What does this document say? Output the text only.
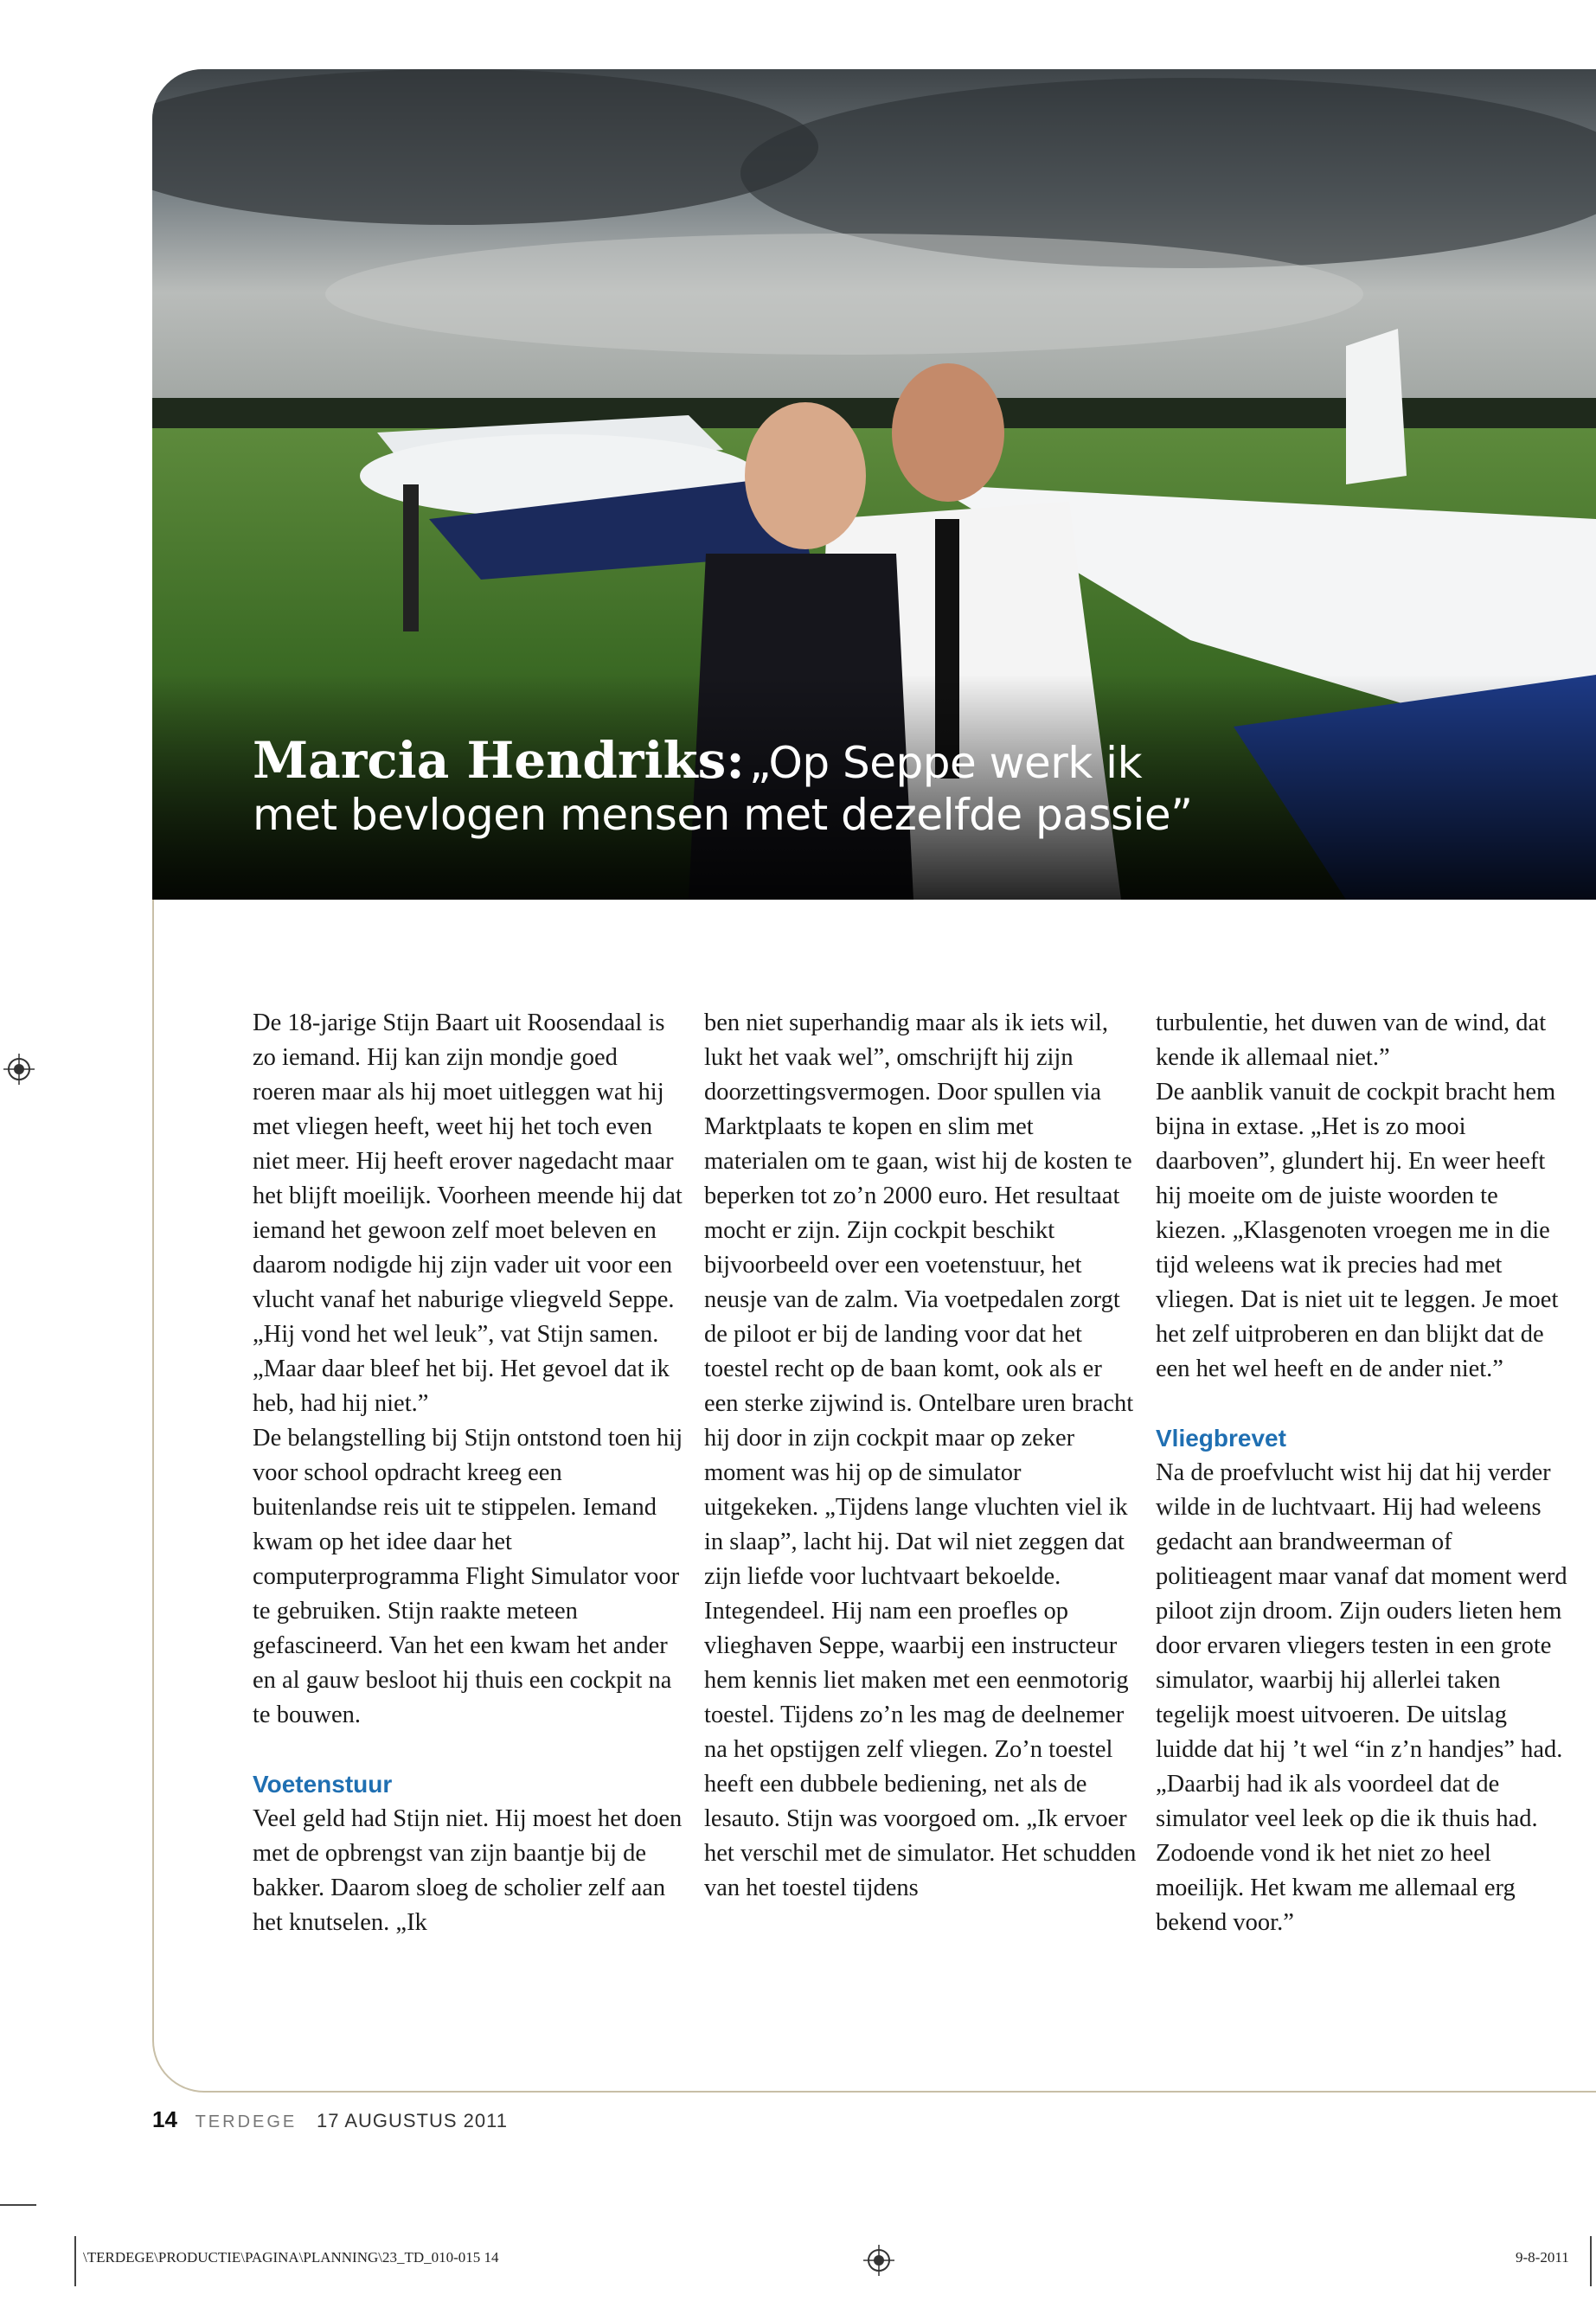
Marcia Hendriks: „Op Seppe werk ik
met bevlogen mensen met dezelfde passie”

De 18-jarige Stijn Baart uit Roosendaal is zo iemand. Hij kan zijn mondje goed roeren maar als hij moet uitleggen wat hij met vliegen heeft, weet hij het toch even niet meer. Hij heeft erover nagedacht maar het blijft moeilijk. Voorheen meende hij dat iemand het gewoon zelf moet beleven en daarom nodigde hij zijn vader uit voor een vlucht vanaf het naburige vliegveld Seppe. „Hij vond het wel leuk”, vat Stijn samen. „Maar daar bleef het bij. Het gevoel dat ik heb, had hij niet.”

De belangstelling bij Stijn ontstond toen hij voor school opdracht kreeg een buitenlandse reis uit te stippelen. Iemand kwam op het idee daar het computerprogramma Flight Simulator voor te gebruiken. Stijn raakte meteen gefascineerd. Van het een kwam het ander en al gauw besloot hij thuis een cockpit na te bouwen.

Voetenstuur

Veel geld had Stijn niet. Hij moest het doen met de opbrengst van zijn baantje bij de bakker. Daarom sloeg de scholier zelf aan het knutselen. „Ik

ben niet superhandig maar als ik iets wil, lukt het vaak wel”, omschrijft hij zijn doorzettingsvermogen. Door spullen via Marktplaats te kopen en slim met materialen om te gaan, wist hij de kosten te beperken tot zo’n 2000 euro. Het resultaat mocht er zijn. Zijn cockpit beschikt bijvoorbeeld over een voetenstuur, het neusje van de zalm. Via voetpedalen zorgt de piloot er bij de landing voor dat het toestel recht op de baan komt, ook als er een sterke zijwind is. Ontelbare uren bracht hij door in zijn cockpit maar op zeker moment was hij op de simulator uitgekeken. „Tijdens lange vluchten viel ik in slaap”, lacht hij. Dat wil niet zeggen dat zijn liefde voor luchtvaart bekoelde. Integendeel. Hij nam een proefles op vlieghaven Seppe, waarbij een instructeur hem kennis liet maken met een eenmotorig toestel. Tijdens zo’n les mag de deelnemer na het opstijgen zelf vliegen. Zo’n toestel heeft een dubbele bediening, net als de lesauto. Stijn was voorgoed om. „Ik ervoer het verschil met de simulator. Het schudden van het toestel tijdens

turbulentie, het duwen van de wind, dat kende ik allemaal niet.”

De aanblik vanuit de cockpit bracht hem bijna in extase. „Het is zo mooi daarboven”, glundert hij. En weer heeft hij moeite om de juiste woorden te kiezen. „Klasgenoten vroegen me in die tijd weleens wat ik precies had met vliegen. Dat is niet uit te leggen. Je moet het zelf uitproberen en dan blijkt dat de een het wel heeft en de ander niet.”

Vliegbrevet

Na de proefvlucht wist hij dat hij verder wilde in de luchtvaart. Hij had weleens gedacht aan brandweerman of politieagent maar vanaf dat moment werd piloot zijn droom. Zijn ouders lieten hem door ervaren vliegers testen in een grote simulator, waarbij hij allerlei taken tegelijk moest uitvoeren. De uitslag luidde dat hij ’t wel “in z’n handjes” had. „Daarbij had ik als voordeel dat de simulator veel leek op die ik thuis had. Zodoende vond ik het niet zo heel moeilijk. Het kwam me allemaal erg bekend voor.”

14 TERDEGE 17 AUGUSTUS 2011
\TERDEGE\PRODUCTIE\PAGINA\PLANNING\23_TD_010-015 14	9-8-2011
